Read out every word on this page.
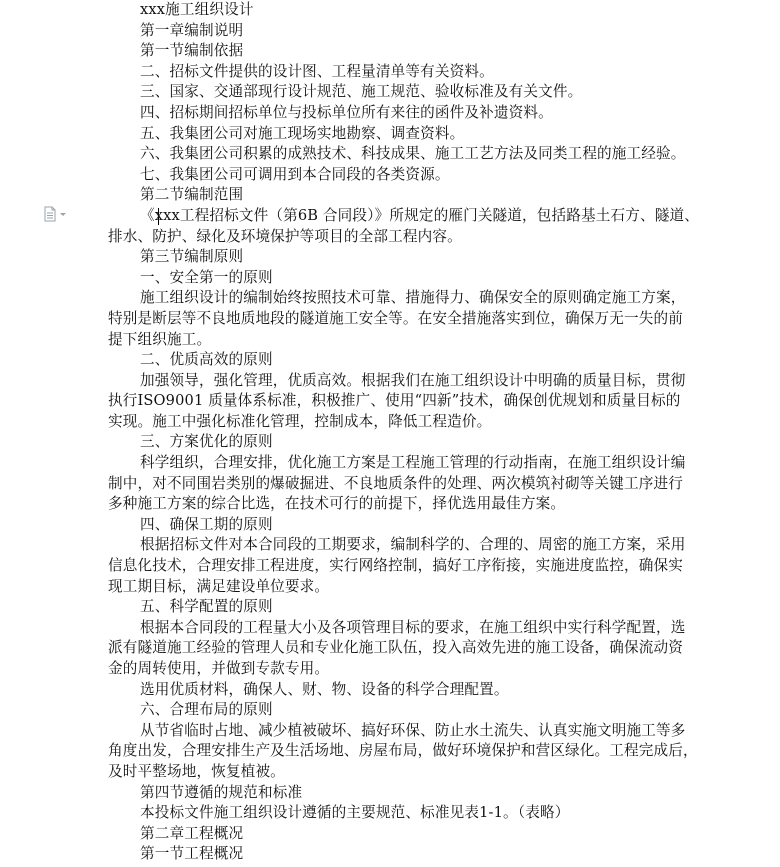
xxx施工组织设计
第一章编制说明
第一节编制依据
二、招标文件提供的设计图、工程量清单等有关资料。
三、国家、交通部现行设计规范、施工规范、验收标准及有关文件。
四、招标期间招标单位与投标单位所有来往的函件及补遗资料。
五、我集团公司对施工现场实地勘察、调查资料。
六、我集团公司积累的成熟技术、科技成果、施工工艺方法及同类工程的施工经验。
七、我集团公司可调用到本合同段的各类资源。
第二节编制范围
《xxx工程招标文件（第6B 合同段）》所规定的雁门关隧道，包括路基土石方、隧道、
排水、防护、绿化及环境保护等项目的全部工程内容。
第三节编制原则
一、安全第一的原则
施工组织设计的编制始终按照技术可靠、措施得力、确保安全的原则确定施工方案，
特别是断层等不良地质地段的隧道施工安全等。在安全措施落实到位，确保万无一失的前
提下组织施工。
二、优质高效的原则
加强领导，强化管理，优质高效。根据我们在施工组织设计中明确的质量目标，贯彻
执行ISO9001 质量体系标准，积极推广、使用“四新”技术，确保创优规划和质量目标的
实现。施工中强化标准化管理，控制成本，降低工程造价。
三、方案优化的原则
科学组织，合理安排，优化施工方案是工程施工管理的行动指南，在施工组织设计编
制中，对不同围岩类别的爆破掘进、不良地质条件的处理、两次模筑衬砌等关键工序进行
多种施工方案的综合比选，在技术可行的前提下，择优选用最佳方案。
四、确保工期的原则
根据招标文件对本合同段的工期要求，编制科学的、合理的、周密的施工方案，采用
信息化技术，合理安排工程进度，实行网络控制，搞好工序衔接，实施进度监控，确保实
现工期目标，满足建设单位要求。
五、科学配置的原则
根据本合同段的工程量大小及各项管理目标的要求，在施工组织中实行科学配置，选
派有隧道施工经验的管理人员和专业化施工队伍，投入高效先进的施工设备，确保流动资
金的周转使用，并做到专款专用。
选用优质材料，确保人、财、物、设备的科学合理配置。
六、合理布局的原则
从节省临时占地、减少植被破坏、搞好环保、防止水土流失、认真实施文明施工等多
角度出发，合理安排生产及生活场地、房屋布局，做好环境保护和营区绿化。工程完成后，
及时平整场地，恢复植被。
第四节遵循的规范和标准
本投标文件施工组织设计遵循的主要规范、标准见表1-1。（表略）
第二章工程概况
第一节工程概况
